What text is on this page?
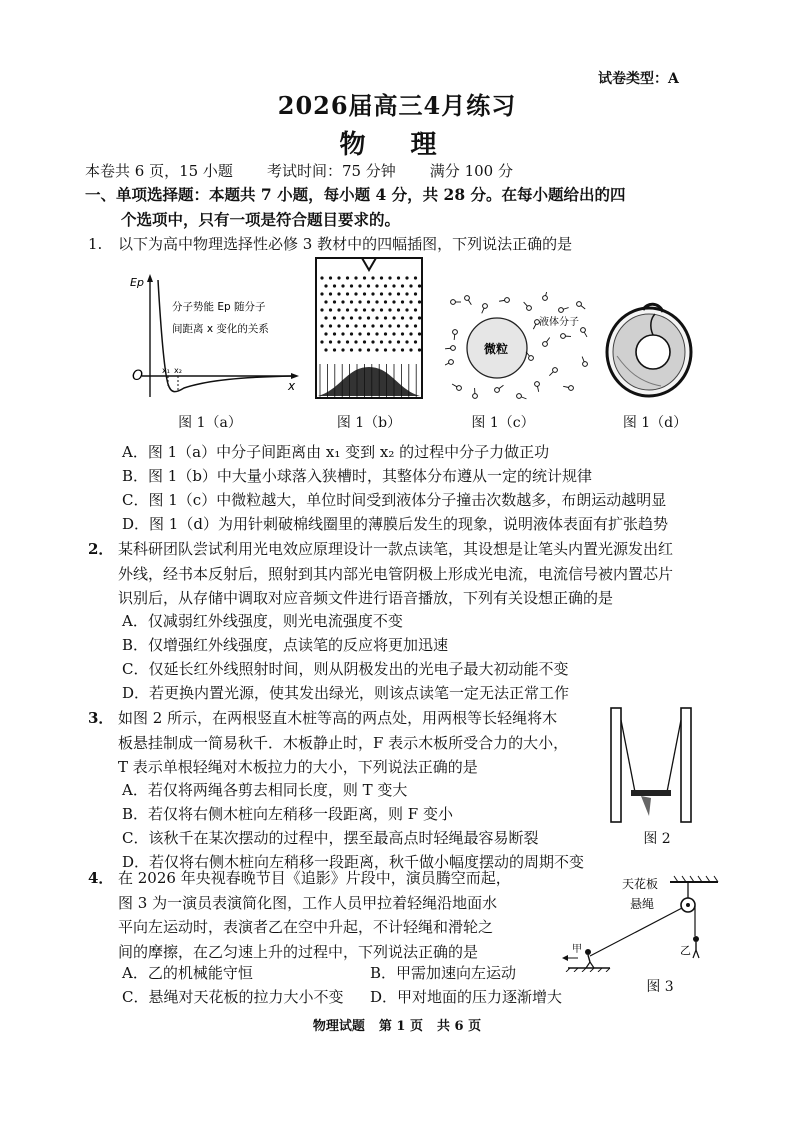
试卷类型：A
2026届高三4月练习
物 理
本卷共 6 页，15 小题 考试时间：75 分钟 满分 100 分
一、单项选择题：本题共 7 小题，每小题 4 分，共 28 分。在每小题给出的四
个选项中，只有一项是符合题目要求的。
1. 以下为高中物理选择性必修 3 教材中的四幅插图，下列说法正确的是
Ep
x
O x₁ x₂
分子势能 Ep 随分子
间距离 x 变化的关系
图 1（a）	图 1（b）
微粒
液体分子
图 1（c）	图 1（d）
A．图 1（a）中分子间距离由 x₁ 变到 x₂ 的过程中分子力做正功
B．图 1（b）中大量小球落入狭槽时，其整体分布遵从一定的统计规律
C．图 1（c）中微粒越大，单位时间受到液体分子撞击次数越多，布朗运动越明显
D．图 1（d）为用针刺破棉线圈里的薄膜后发生的现象，说明液体表面有扩张趋势
2． 某科研团队尝试利用光电效应原理设计一款点读笔，其设想是让笔头内置光源发出红
外线，经书本反射后，照射到其内部光电管阴极上形成光电流，电流信号被内置芯片
识别后，从存储中调取对应音频文件进行语音播放，下列有关设想正确的是
A．仅减弱红外线强度，则光电流强度不变
B．仅增强红外线强度，点读笔的反应将更加迅速
C．仅延长红外线照射时间，则从阴极发出的光电子最大初动能不变
D．若更换内置光源，使其发出绿光，则该点读笔一定无法正常工作
3． 如图 2 所示，在两根竖直木桩等高的两点处，用两根等长轻绳将木
板悬挂制成一简易秋千．木板静止时，F 表示木板所受合力的大小，
T 表示单根轻绳对木板拉力的大小，下列说法正确的是
A．若仅将两绳各剪去相同长度，则 T 变大
B．若仅将右侧木桩向左稍移一段距离，则 F 变小
C．该秋千在某次摆动的过程中，摆至最高点时轻绳最容易断裂
D．若仅将右侧木桩向左稍移一段距离，秋千做小幅度摆动的周期不变
图 2
4． 在 2026 年央视春晚节目《追影》片段中，演员腾空而起，
图 3 为一演员表演简化图，工作人员甲拉着轻绳沿地面水
平向左运动时，表演者乙在空中升起，不计轻绳和滑轮之
间的摩擦，在乙匀速上升的过程中，下列说法正确的是
A．乙的机械能守恒	B．甲需加速向左运动
C．悬绳对天花板的拉力大小不变 D．甲对地面的压力逐渐增大
天花板
悬绳
甲	乙
图 3
物理试题 第 1 页 共 6 页
